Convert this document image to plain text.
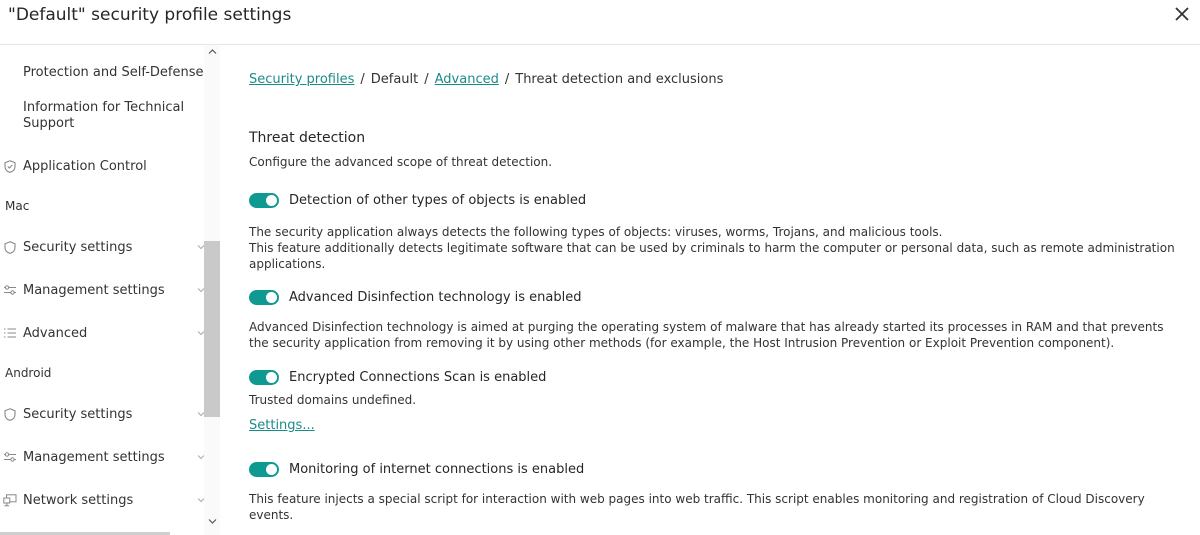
"Default" security profile settings
Protection and Self-Defense
Information for Technical Support
Application Control
Mac
Security settings
Management settings
Advanced
Android
Security settings
Management settings
Network settings
Security profiles / Default / Advanced / Threat detection and exclusions
Threat detection
Configure the advanced scope of threat detection.
Detection of other types of objects is enabled
The security application always detects the following types of objects: viruses, worms, Trojans, and malicious tools.
This feature additionally detects legitimate software that can be used by criminals to harm the computer or personal data, such as remote administration applications.
Advanced Disinfection technology is enabled
Advanced Disinfection technology is aimed at purging the operating system of malware that has already started its processes in RAM and that prevents the security application from removing it by using other methods (for example, the Host Intrusion Prevention or Exploit Prevention component).
Encrypted Connections Scan is enabled
Trusted domains undefined.
Settings...
Monitoring of internet connections is enabled
This feature injects a special script for interaction with web pages into web traffic. This script enables monitoring and registration of Cloud Discovery events.
